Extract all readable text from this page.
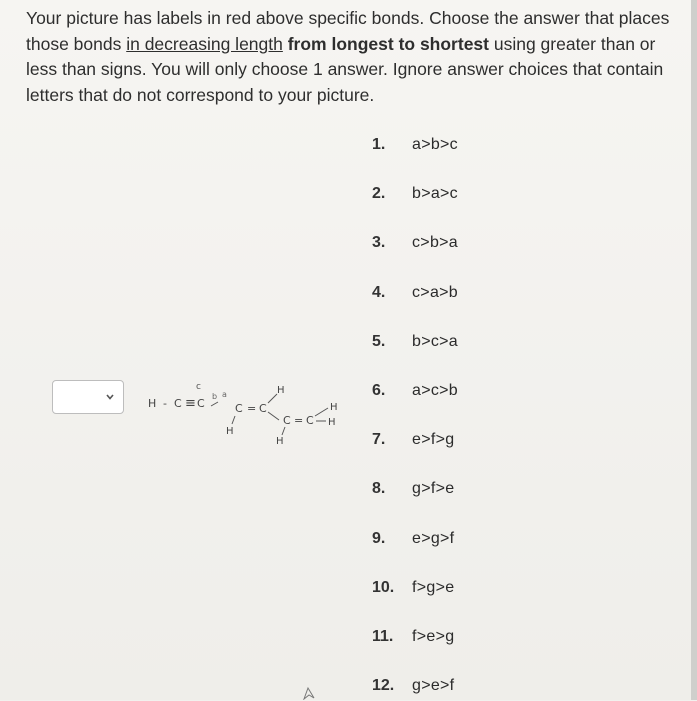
Your picture has labels in red above specific bonds. Choose the answer that places those bonds in decreasing length from longest to shortest using greater than or less than signs. You will only choose 1 answer. Ignore answer choices that contain letters that do not correspond to your picture.
H - C ≡ C
c
b a
C = C
H
H
C = C
H
H
H
1.	a>b>c
2.	b>a>c
3.	c>b>a
4.	c>a>b
5.	b>c>a
6.	a>c>b
7.	e>f>g
8.	g>f>e
9.	e>g>f
10.	f>g>e
11.	f>e>g
12.	g>e>f
